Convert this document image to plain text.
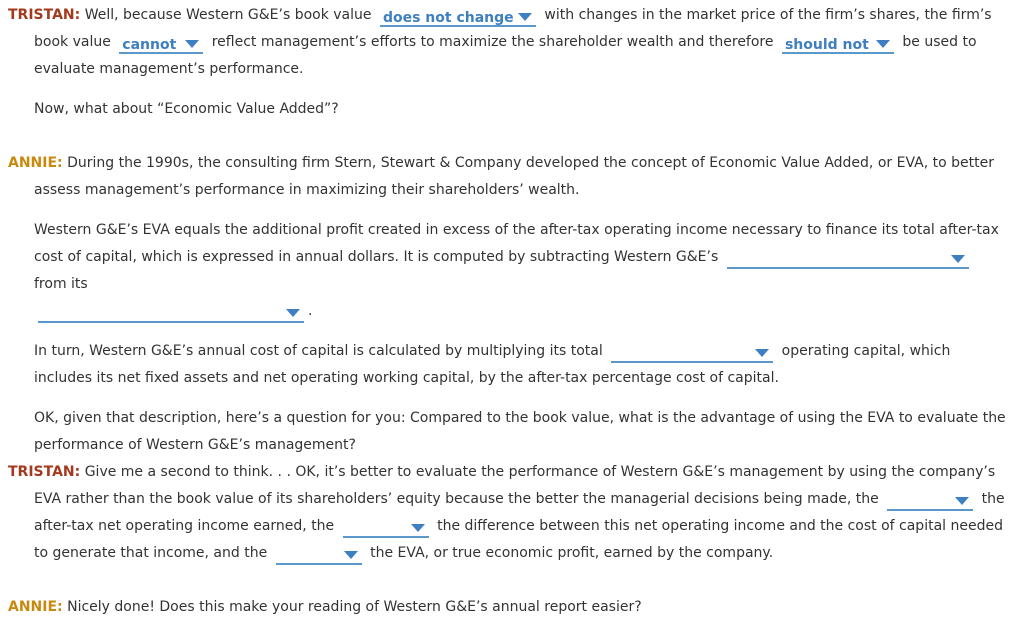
TRISTAN: Well, because Western G&E’s book value does not change with changes in the market price of the firm’s shares, the firm’s book value cannot	reflect management’s efforts to maximize the shareholder wealth and therefore should not be used to evaluate management’s performance.

Now, what about “Economic Value Added”?

ANNIE: During the 1990s, the consulting firm Stern, Stewart & Company developed the concept of Economic Value Added, or EVA, to better assess management’s performance in maximizing their shareholders’ wealth.

Western G&E’s EVA equals the additional profit created in excess of the after-tax operating income necessary to finance its total after-tax cost of capital, which is expressed in annual dollars. It is computed by subtracting Western G&E’s
from its

.

In turn, Western G&E’s annual cost of capital is calculated by multiplying its total	operating capital, which includes its net fixed assets and net operating working capital, by the after-tax percentage cost of capital.

OK, given that description, here’s a question for you: Compared to the book value, what is the advantage of using the EVA to evaluate the performance of Western G&E’s management?

TRISTAN: Give me a second to think. . . OK, it’s better to evaluate the performance of Western G&E’s management by using the company’s EVA rather than the book value of its shareholders’ equity because the better the managerial decisions being made, the	the after-tax net operating income earned, the	the difference between this net operating income and the cost of capital needed to generate that income, and the	the EVA, or true economic profit, earned by the company.

ANNIE: Nicely done! Does this make your reading of Western G&E’s annual report easier?
